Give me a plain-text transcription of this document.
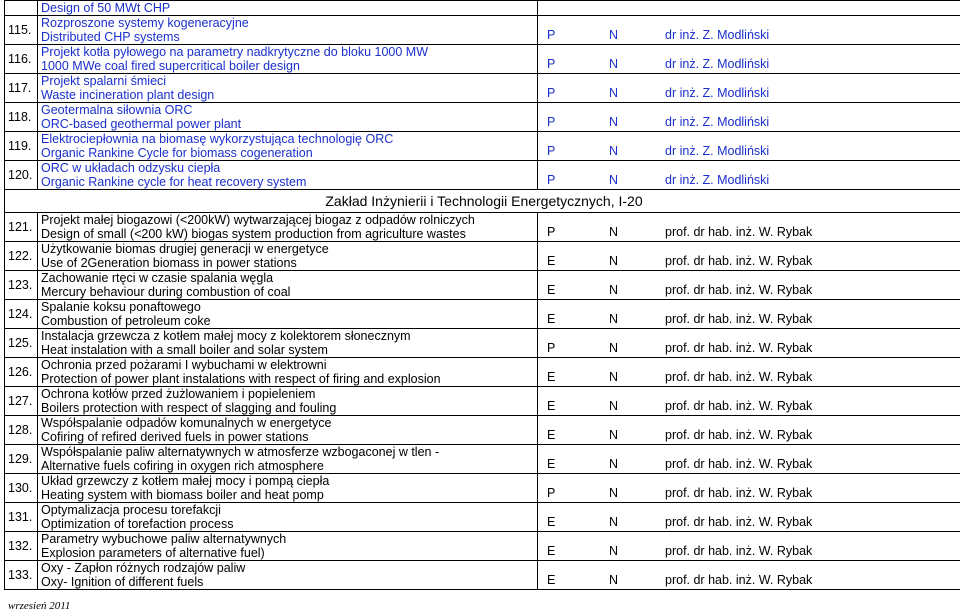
	Design of 50 MWt CHP	

115.	Rozproszone systemy kogeneracyjne
Distributed CHP systems	P N dr inż. Z. Modliński

116.	Projekt kotła pyłowego na parametry nadkrytyczne do bloku 1000 MW
1000 MWe coal fired supercritical boiler design	P N dr inż. Z. Modliński

117.	Projekt spalarni śmieci
Waste incineration plant design	P N dr inż. Z. Modliński

118.	Geotermalna siłownia ORC
ORC-based geothermal power plant	P N dr inż. Z. Modliński

119.	Elektrociepłownia na biomasę wykorzystująca technologię ORC
Organic Rankine Cycle for biomass cogeneration	P N dr inż. Z. Modliński

120.	ORC w układach odzysku ciepła
Organic Rankine cycle for heat recovery system	P N dr inż. Z. Modliński

Zakład Inżynierii i Technologii Energetycznych, I-20		
121.	Projekt małej biogazowi (<200kW) wytwarzającej biogaz z odpadów rolniczych
Design of small (<200 kW) biogas system production from agriculture wastes	P N prof. dr hab. inż. W. Rybak

122.	Użytkowanie biomas drugiej generacji w energetyce
Use of 2Generation biomass in power stations	E N prof. dr hab. inż. W. Rybak

123.	Zachowanie rtęci w czasie spalania węgla
Mercury behaviour during combustion of coal	E N prof. dr hab. inż. W. Rybak

124.	Spalanie koksu ponaftowego
Combustion of petroleum coke	E N prof. dr hab. inż. W. Rybak

125.	Instalacja grzewcza z kotłem małej mocy z kolektorem słonecznym
Heat instalation with a small boiler and solar system	P N prof. dr hab. inż. W. Rybak

126.	Ochronia przed pożarami I wybuchami w elektrowni
Protection of power plant instalations with respect of firing and explosion	E N prof. dr hab. inż. W. Rybak

127.	Ochrona kotłów przed żużlowaniem i popieleniem
Boilers protection with respect of slagging and fouling	E N prof. dr hab. inż. W. Rybak

128.	Współspalanie odpadów komunalnych w energetyce
Cofiring of refired derived fuels in power stations	E N prof. dr hab. inż. W. Rybak

129.	Współspalanie paliw alternatywnych w atmosferze wzbogaconej w tlen -
Alternative fuels cofiring in oxygen rich atmosphere	E N prof. dr hab. inż. W. Rybak

130.	Układ grzewczy z kotłem małej mocy i pompą ciepła
Heating system with biomass boiler and heat pomp	P N prof. dr hab. inż. W. Rybak

131.	Optymalizacja procesu torefakcji
Optimization of torefaction process	E N prof. dr hab. inż. W. Rybak

132.	Parametry wybuchowe paliw alternatywnych
Explosion parameters of alternative fuel)	E N prof. dr hab. inż. W. Rybak

133.	Oxy - Zapłon różnych rodzajów paliw
Oxy- Ignition of different fuels	E N prof. dr hab. inż. W. Rybak
wrzesień 2011
